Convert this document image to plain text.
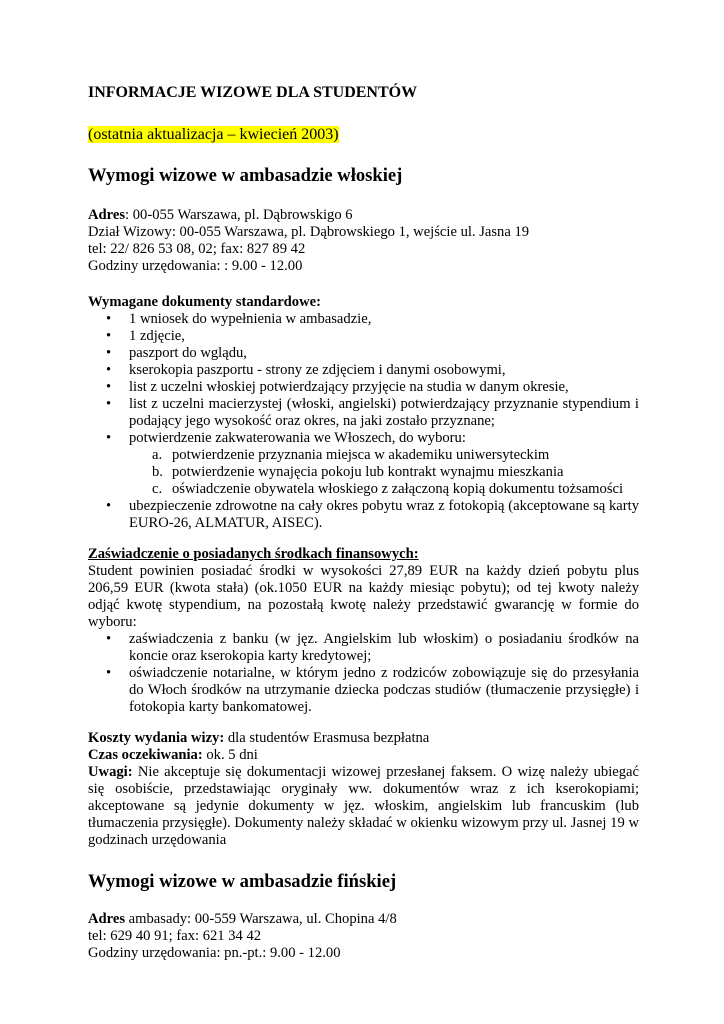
INFORMACJE WIZOWE DLA STUDENTÓW

(ostatnia aktualizacja – kwiecień 2003)

Wymogi wizowe w ambasadzie włoskiej
Adres: 00-055 Warszawa, pl. Dąbrowskigo 6
Dział Wizowy: 00-055 Warszawa, pl. Dąbrowskiego 1, wejście ul. Jasna 19
tel: 22/ 826 53 08, 02; fax: 827 89 42
Godziny urzędowania: : 9.00 - 12.00
Wymagane dokumenty standardowe:
• 1 wniosek do wypełnienia w ambasadzie,
• 1 zdjęcie,
• paszport do wglądu,
• kserokopia paszportu - strony ze zdjęciem i danymi osobowymi,
• list z uczelni włoskiej potwierdzający przyjęcie na studia w danym okresie,
• list z uczelni macierzystej (włoski, angielski) potwierdzający przyznanie stypendium i podający jego wysokość oraz okres, na jaki zostało przyznane;
• potwierdzenie zakwaterowania we Włoszech, do wyboru:
a. potwierdzenie przyznania miejsca w akademiku uniwersyteckim
b. potwierdzenie wynajęcia pokoju lub kontrakt wynajmu mieszkania
c. oświadczenie obywatela włoskiego z załączoną kopią dokumentu tożsamości
• ubezpieczenie zdrowotne na cały okres pobytu wraz z fotokopią (akceptowane są karty EURO-26, ALMATUR, AISEC).
Zaświadczenie o posiadanych środkach finansowych:
Student powinien posiadać środki w wysokości 27,89 EUR na każdy dzień pobytu plus 206,59 EUR (kwota stała) (ok.1050 EUR na każdy miesiąc pobytu); od tej kwoty należy odjąć kwotę stypendium, na pozostałą kwotę należy przedstawić gwarancję w formie do wyboru:
• zaświadczenia z banku (w jęz. Angielskim lub włoskim) o posiadaniu środków na koncie oraz kserokopia karty kredytowej;
• oświadczenie notarialne, w którym jedno z rodziców zobowiązuje się do przesyłania do Włoch środków na utrzymanie dziecka podczas studiów (tłumaczenie przysięgłe) i fotokopia karty bankomatowej.
Koszty wydania wizy: dla studentów Erasmusa bezpłatna
Czas oczekiwania: ok. 5 dni
Uwagi: Nie akceptuje się dokumentacji wizowej przesłanej faksem. O wizę należy ubiegać się osobiście, przedstawiając oryginały ww. dokumentów wraz z ich kserokopiami; akceptowane są jedynie dokumenty w jęz. włoskim, angielskim lub francuskim (lub tłumaczenia przysięgłe). Dokumenty należy składać w okienku wizowym przy ul. Jasnej 19 w godzinach urzędowania
Wymogi wizowe w ambasadzie fińskiej
Adres ambasady: 00-559 Warszawa, ul. Chopina 4/8
tel: 629 40 91; fax: 621 34 42
Godziny urzędowania: pn.-pt.: 9.00 - 12.00
